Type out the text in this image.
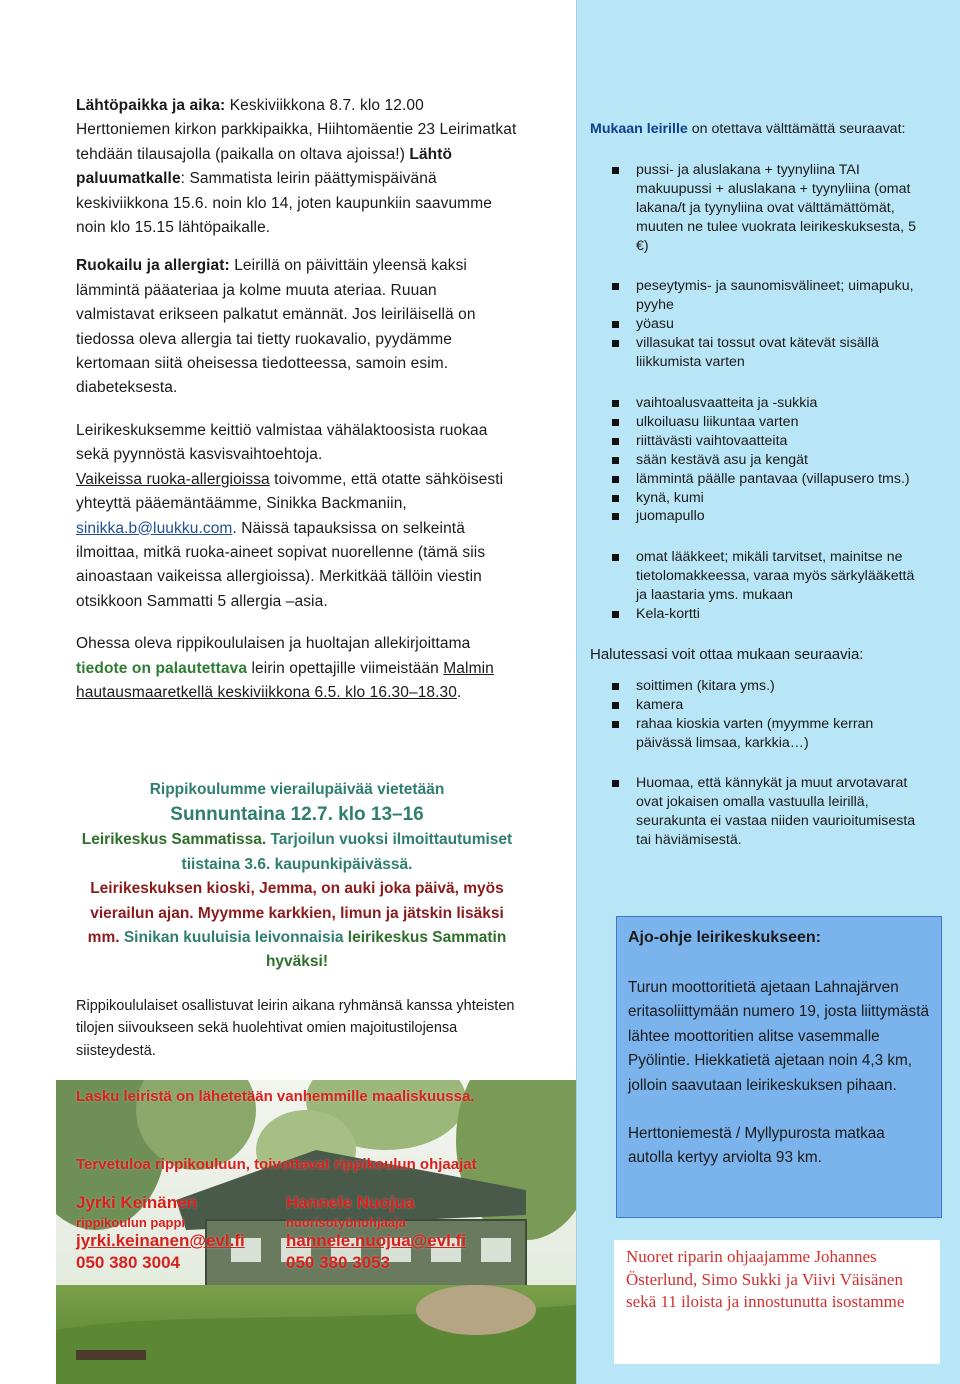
Lähtöpaikka ja aika: Keskiviikkona 8.7. klo 12.00 Herttoniemen kirkon parkkipaikka, Hiihtomäentie 23 Leirimatkat tehdään tilausajolla (paikalla on oltava ajoissa!) Lähtö paluumatkalle: Sammatista leirin päättymispäivänä keskiviikkona 15.6. noin klo 14, joten kaupunkiin saavumme noin klo 15.15 lähtöpaikalle.

Ruokailu ja allergiat: Leirillä on päivittäin yleensä kaksi lämmintä pääateriaa ja kolme muuta ateriaa. Ruuan valmistavat erikseen palkatut emännät. Jos leiriläisellä on tiedossa oleva allergia tai tietty ruokavalio, pyydämme kertomaan siitä oheisessa tiedotteessa, samoin esim. diabeteksesta.

Leirikeskuksemme keittiö valmistaa vähälaktoosista ruokaa sekä pyynnöstä kasvisvaihtoehtoja.

Vaikeissa ruoka-allergioissa toivomme, että otatte sähköisesti yhteyttä pääemäntäämme, Sinikka Backmaniin, sinikka.b@luukku.com. Näissä tapauksissa on selkeintä ilmoittaa, mitkä ruoka-aineet sopivat nuorellenne (tämä siis ainoastaan vaikeissa allergioissa). Merkitkää tällöin viestin otsikkoon Sammatti 5 allergia –asia.

Ohessa oleva rippikoululaisen ja huoltajan allekirjoittama tiedote on palautettava leirin opettajille viimeistään Malmin hautausmaaretkellä keskiviikkona 6.5. klo 16.30–18.30.

Rippikoulumme vierailupäivää vietetään

Sunnuntaina 12.7. klo 13–16

Leirikeskus Sammatissa. Tarjoilun vuoksi ilmoittautumiset tiistaina 3.6. kaupunkipäivässä.

Leirikeskuksen kioski, Jemma, on auki joka päivä, myös vierailun ajan. Myymme karkkien, limun ja jätskin lisäksi mm. Sinikan kuuluisia leivonnaisia leirikeskus Sammatin hyväksi!

Rippikoululaiset osallistuvat leirin aikana ryhmänsä kanssa yhteisten tilojen siivoukseen sekä huolehtivat omien majoitustilojensa siisteydestä.
Lasku leiristä on lähetetään vanhemmille maaliskuussa.
Tervetuloa rippikouluun, toivottavat rippikoulun ohjaajat
Jyrki Keinänen
rippikoulun pappi
jyrki.keinanen@evl.fi
050 380 3004
Hannele Nuojua
nuorisotyönohjaaja
hannele.nuojua@evl.fi
050 380 3053

Mukaan leirille on otettava välttämättä seuraavat:

pussi- ja aluslakana + tyynyliina TAI makuupussi + aluslakana + tyynyliina (omat lakana/t ja tyynyliina ovat välttämättömät, muuten ne tulee vuokrata leirikeskuksesta, 5 €)
peseytymis- ja saunomisvälineet; uimapuku, pyyhe
yöasu
villasukat tai tossut ovat kätevät sisällä liikkumista varten
vaihtoalusvaatteita ja -sukkia
ulkoiluasu liikuntaa varten
riittävästi vaihtovaatteita
sään kestävä asu ja kengät
lämmintä päälle pantavaa (villapusero tms.)
kynä, kumi
juomapullo
omat lääkkeet; mikäli tarvitset, mainitse ne tietolomakkeessa, varaa myös särkylääkettä ja laastaria yms. mukaan
Kela-kortti

Halutessasi voit ottaa mukaan seuraavia:

soittimen (kitara yms.)
kamera
rahaa kioskia varten (myymme kerran päivässä limsaa, karkkia…)
Huomaa, että kännykät ja muut arvotavarat ovat jokaisen omalla vastuulla leirillä, seurakunta ei vastaa niiden vaurioitumisesta tai häviämisestä.
Ajo-ohje leirikeskukseen:

Turun moottoritietä ajetaan Lahnajärven eritasoliittymään numero 19, josta liittymästä lähtee moottoritien alitse vasemmalle Pyölintie. Hiekkatietä ajetaan noin 4,3 km, jolloin saavutaan leirikeskuksen pihaan.

Herttoniemestä / Myllypurosta matkaa autolla kertyy arviolta 93 km.

Nuoret riparin ohjaajamme Johannes Österlund, Simo Sukki ja Viivi Väisänen sekä 11 iloista ja innostunutta isostamme
